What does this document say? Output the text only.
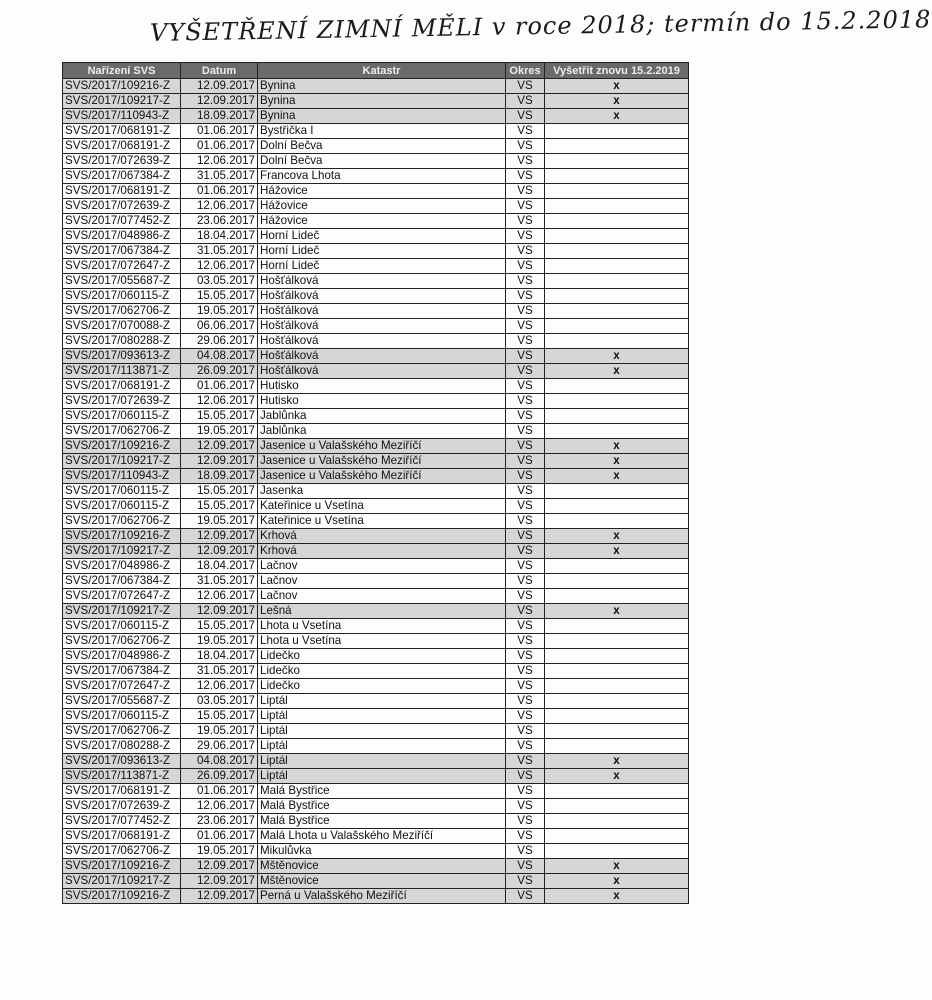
VYŠETŘENÍ ZIMNÍ MĚLI v roce 2018; termín do 15.2.2018
Nařízení SVS	Datum	Katastr	Okres	Vyšetřit znovu 15.2.2019
SVS/2017/109216-Z	12.09.2017	Bynina	VS	x
SVS/2017/109217-Z	12.09.2017	Bynina	VS	x
SVS/2017/110943-Z	18.09.2017	Bynina	VS	x
SVS/2017/068191-Z	01.06.2017	Bystřička I	VS	
SVS/2017/068191-Z	01.06.2017	Dolní Bečva	VS	
SVS/2017/072639-Z	12.06.2017	Dolní Bečva	VS	
SVS/2017/067384-Z	31.05.2017	Francova Lhota	VS	
SVS/2017/068191-Z	01.06.2017	Hážovice	VS	
SVS/2017/072639-Z	12.06.2017	Hážovice	VS	
SVS/2017/077452-Z	23.06.2017	Hážovice	VS	
SVS/2017/048986-Z	18.04.2017	Horní Lideč	VS	
SVS/2017/067384-Z	31.05.2017	Horní Lideč	VS	
SVS/2017/072647-Z	12.06.2017	Horní Lideč	VS	
SVS/2017/055687-Z	03.05.2017	Hošťálková	VS	
SVS/2017/060115-Z	15.05.2017	Hošťálková	VS	
SVS/2017/062706-Z	19.05.2017	Hošťálková	VS	
SVS/2017/070088-Z	06.06.2017	Hošťálková	VS	
SVS/2017/080288-Z	29.06.2017	Hošťálková	VS	
SVS/2017/093613-Z	04.08.2017	Hošťálková	VS	x
SVS/2017/113871-Z	26.09.2017	Hošťálková	VS	x
SVS/2017/068191-Z	01.06.2017	Hutisko	VS	
SVS/2017/072639-Z	12.06.2017	Hutisko	VS	
SVS/2017/060115-Z	15.05.2017	Jablůnka	VS	
SVS/2017/062706-Z	19.05.2017	Jablůnka	VS	
SVS/2017/109216-Z	12.09.2017	Jasenice u Valašského Meziříčí	VS	x
SVS/2017/109217-Z	12.09.2017	Jasenice u Valašského Meziříčí	VS	x
SVS/2017/110943-Z	18.09.2017	Jasenice u Valašského Meziříčí	VS	x
SVS/2017/060115-Z	15.05.2017	Jasenka	VS	
SVS/2017/060115-Z	15.05.2017	Kateřinice u Vsetína	VS	
SVS/2017/062706-Z	19.05.2017	Kateřinice u Vsetína	VS	
SVS/2017/109216-Z	12.09.2017	Krhová	VS	x
SVS/2017/109217-Z	12.09.2017	Krhová	VS	x
SVS/2017/048986-Z	18.04.2017	Lačnov	VS	
SVS/2017/067384-Z	31.05.2017	Lačnov	VS	
SVS/2017/072647-Z	12.06.2017	Lačnov	VS	
SVS/2017/109217-Z	12.09.2017	Lešná	VS	x
SVS/2017/060115-Z	15.05.2017	Lhota u Vsetína	VS	
SVS/2017/062706-Z	19.05.2017	Lhota u Vsetína	VS	
SVS/2017/048986-Z	18.04.2017	Lidečko	VS	
SVS/2017/067384-Z	31.05.2017	Lidečko	VS	
SVS/2017/072647-Z	12.06.2017	Lidečko	VS	
SVS/2017/055687-Z	03.05.2017	Liptál	VS	
SVS/2017/060115-Z	15.05.2017	Liptál	VS	
SVS/2017/062706-Z	19.05.2017	Liptál	VS	
SVS/2017/080288-Z	29.06.2017	Liptál	VS	
SVS/2017/093613-Z	04.08.2017	Liptál	VS	x
SVS/2017/113871-Z	26.09.2017	Liptál	VS	x
SVS/2017/068191-Z	01.06.2017	Malá Bystřice	VS	
SVS/2017/072639-Z	12.06.2017	Malá Bystřice	VS	
SVS/2017/077452-Z	23.06.2017	Malá Bystřice	VS	
SVS/2017/068191-Z	01.06.2017	Malá Lhota u Valašského Meziříčí	VS	
SVS/2017/062706-Z	19.05.2017	Mikulůvka	VS	
SVS/2017/109216-Z	12.09.2017	Mštěnovice	VS	x
SVS/2017/109217-Z	12.09.2017	Mštěnovice	VS	x
SVS/2017/109216-Z	12.09.2017	Perná u Valašského Meziříčí	VS	x
